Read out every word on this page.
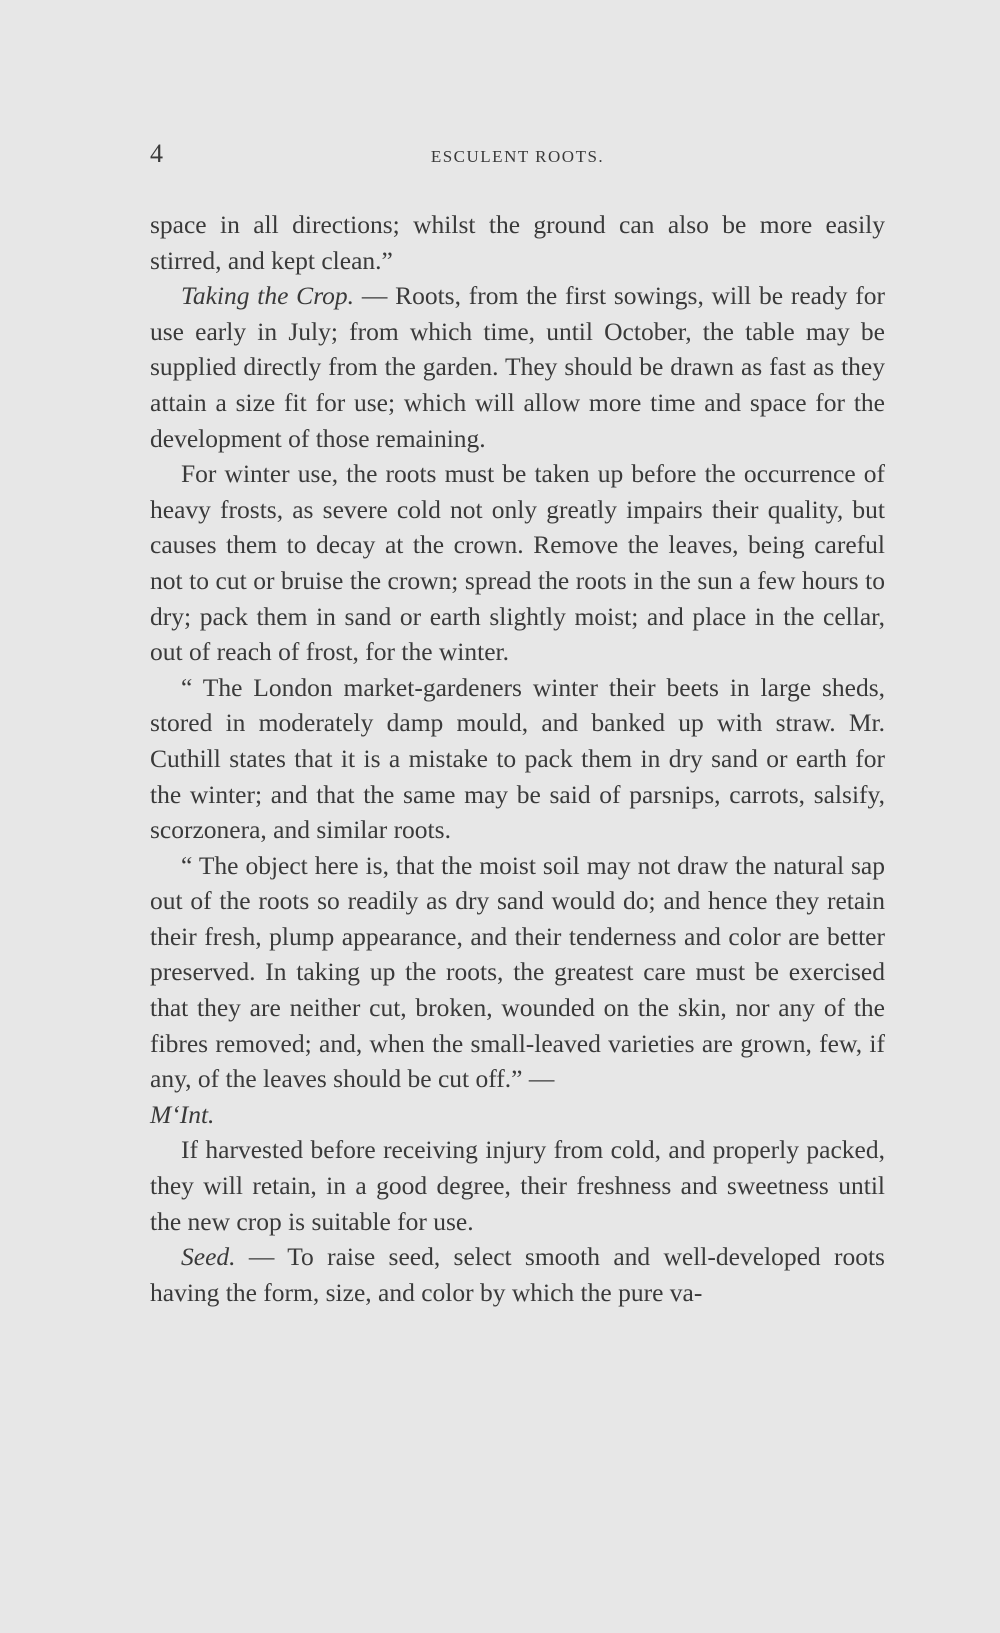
4	ESCULENT ROOTS.

space in all directions; whilst the ground can also be more easily stirred, and kept clean.”

Taking the Crop. — Roots, from the first sowings, will be ready for use early in July; from which time, until October, the table may be supplied directly from the garden. They should be drawn as fast as they attain a size fit for use; which will allow more time and space for the development of those remaining.

For winter use, the roots must be taken up before the occurrence of heavy frosts, as severe cold not only greatly impairs their quality, but causes them to decay at the crown. Remove the leaves, being careful not to cut or bruise the crown; spread the roots in the sun a few hours to dry; pack them in sand or earth slightly moist; and place in the cellar, out of reach of frost, for the winter.

“ The London market-gardeners winter their beets in large sheds, stored in moderately damp mould, and banked up with straw. Mr. Cuthill states that it is a mistake to pack them in dry sand or earth for the winter; and that the same may be said of parsnips, carrots, salsify, scorzonera, and similar roots.

“ The object here is, that the moist soil may not draw the natural sap out of the roots so readily as dry sand would do; and hence they retain their fresh, plump appearance, and their tenderness and color are better preserved. In taking up the roots, the greatest care must be exercised that they are neither cut, broken, wounded on the skin, nor any of the fibres removed; and, when the small-leaved varieties are grown, few, if any, of the leaves should be cut off.” —
M‘Int.

If harvested before receiving injury from cold, and properly packed, they will retain, in a good degree, their freshness and sweetness until the new crop is suitable for use.

Seed. — To raise seed, select smooth and well-developed roots having the form, size, and color by which the pure va-
